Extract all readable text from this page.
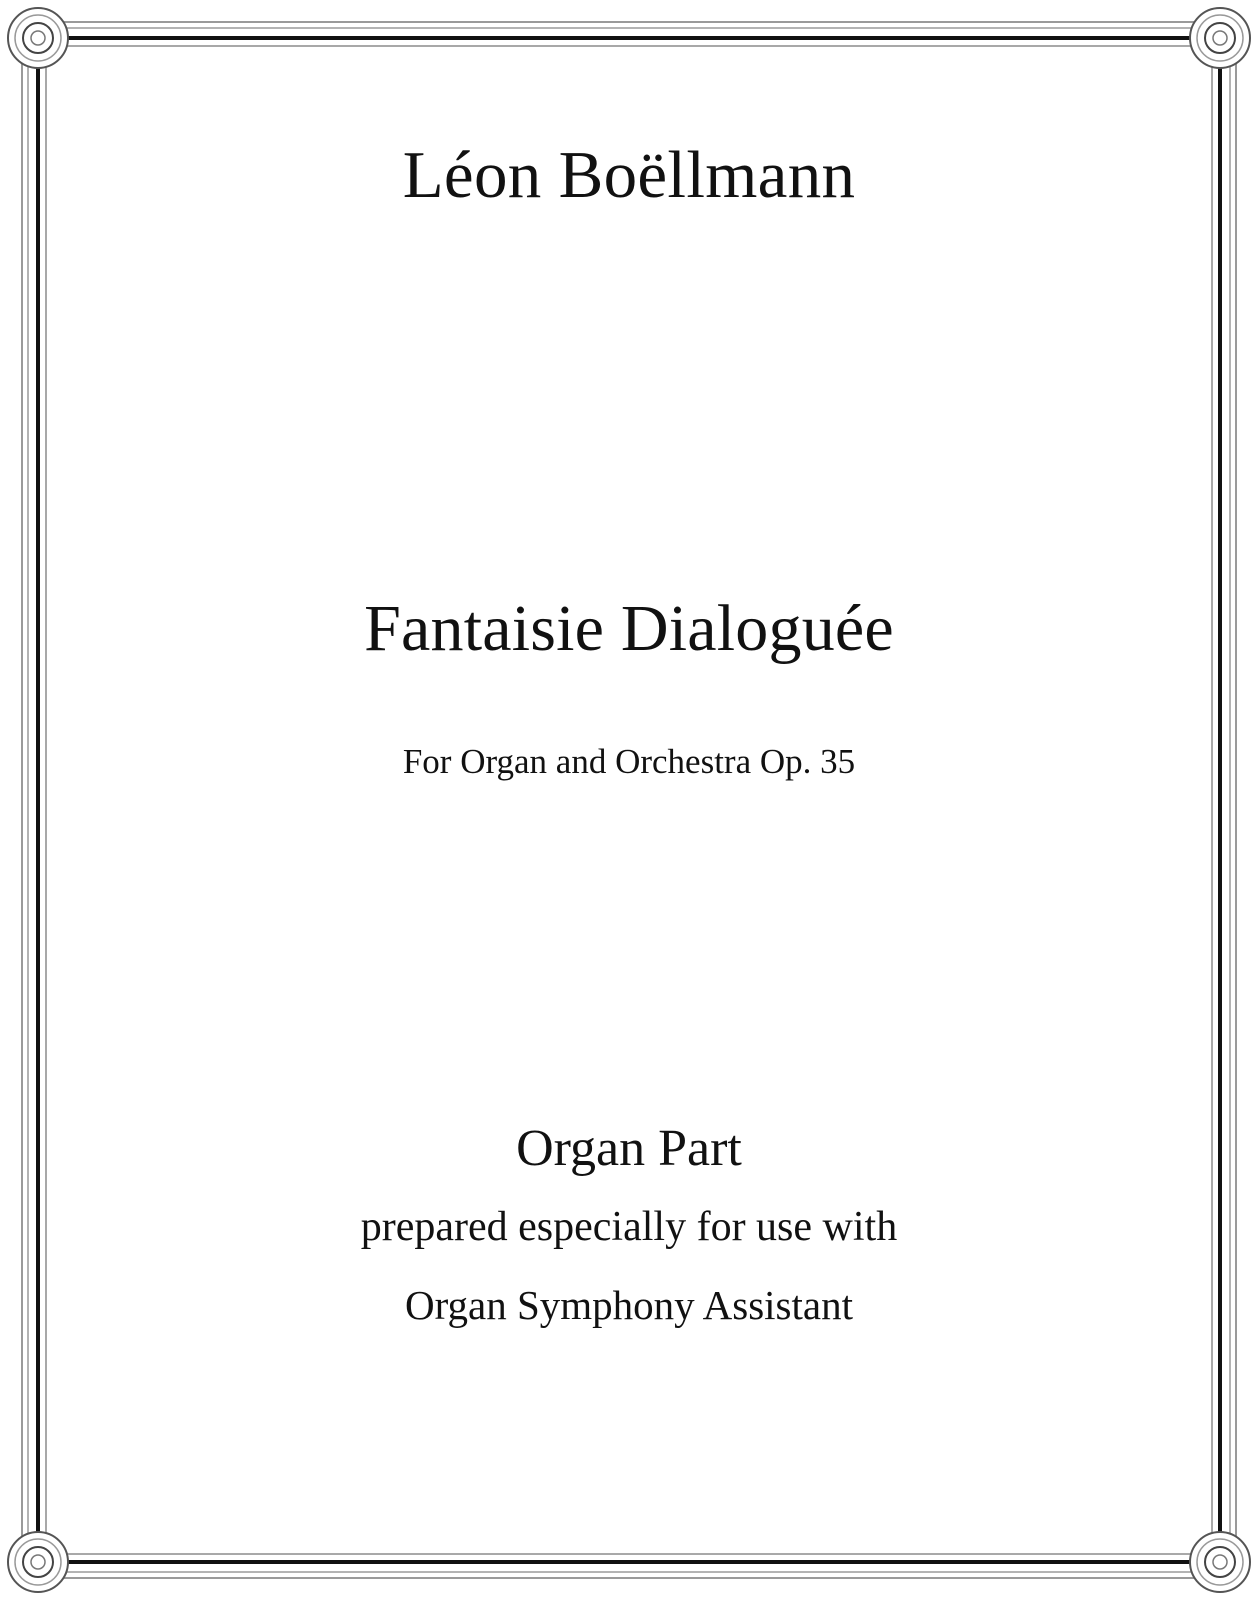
Léon Boëllmann
Fantaisie Dialoguée
For Organ and Orchestra Op. 35
Organ Part
prepared especially for use with
Organ Symphony Assistant
